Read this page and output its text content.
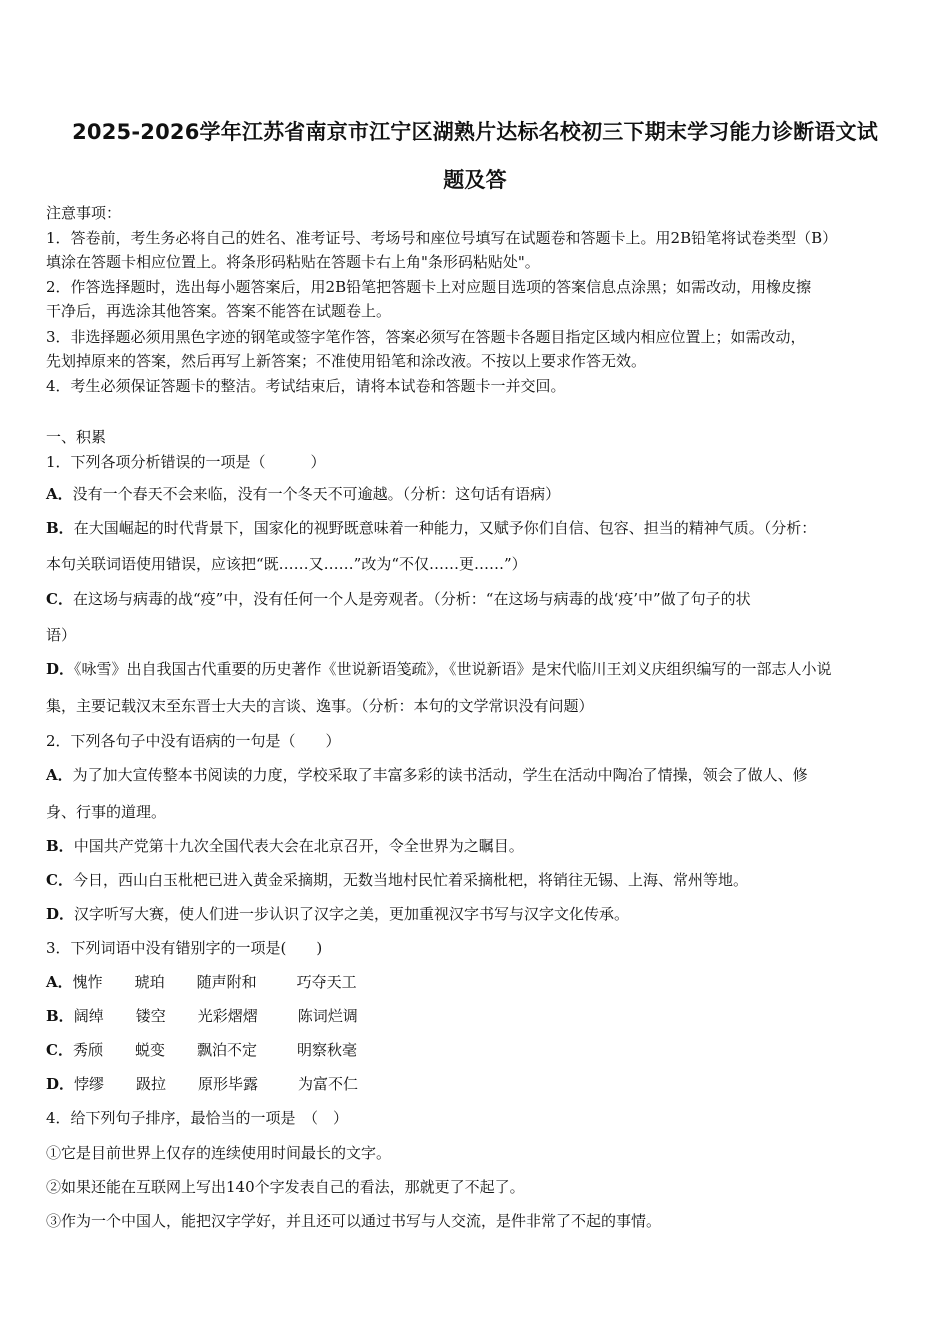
2025-2026学年江苏省南京市江宁区湖熟片达标名校初三下期末学习能力诊断语文试
题及答
注意事项：
1．答卷前，考生务必将自己的姓名、准考证号、考场号和座位号填写在试题卷和答题卡上。用2B铅笔将试卷类型（B）
填涂在答题卡相应位置上。将条形码粘贴在答题卡右上角"条形码粘贴处"。
2．作答选择题时，选出每小题答案后，用2B铅笔把答题卡上对应题目选项的答案信息点涂黑；如需改动，用橡皮擦
干净后，再选涂其他答案。答案不能答在试题卷上。
3．非选择题必须用黑色字迹的钢笔或签字笔作答，答案必须写在答题卡各题目指定区域内相应位置上；如需改动，
先划掉原来的答案，然后再写上新答案；不准使用铅笔和涂改液。不按以上要求作答无效。
4．考生必须保证答题卡的整洁。考试结束后，请将本试卷和答题卡一并交回。
一、积累
1．下列各项分析错误的一项是（　　　）
A．没有一个春天不会来临，没有一个冬天不可逾越。（分析：这句话有语病）
B．在大国崛起的时代背景下，国家化的视野既意味着一种能力，又赋予你们自信、包容、担当的精神气质。（分析：
本句关联词语使用错误，应该把“既……又……”改为“不仅……更……”）
C．在这场与病毒的战“疫”中，没有任何一个人是旁观者。（分析：“在这场与病毒的战‘疫’中”做了句子的状
语）
D．《咏雪》出自我国古代重要的历史著作《世说新语笺疏》，《世说新语》是宋代临川王刘义庆组织编写的一部志人小说
集，主要记载汉末至东晋士大夫的言谈、逸事。（分析：本句的文学常识没有问题）
2．下列各句子中没有语病的一句是（　　）
A．为了加大宣传整本书阅读的力度，学校采取了丰富多彩的读书活动，学生在活动中陶冶了情操，领会了做人、修
身、行事的道理。
B．中国共产党第十九次全国代表大会在北京召开，令全世界为之瞩目。
C．今日，西山白玉枇杷已进入黄金采摘期，无数当地村民忙着采摘枇杷，将销往无锡、上海、常州等地。
D．汉字听写大赛，使人们进一步认识了汉字之美，更加重视汉字书写与汉字文化传承。
3．下列词语中没有错别字的一项是(　　)
A．愧怍 琥珀 随声附和	巧夺天工
B．阔绰 镂空 光彩熠熠	陈词烂调
C．秀颀 蜕变 飘泊不定	明察秋毫
D．悖缪 趿拉 原形毕露	为富不仁
4．给下列句子排序，最恰当的一项是　（　）
①它是目前世界上仅存的连续使用时间最长的文字。
②如果还能在互联网上写出140个字发表自己的看法，那就更了不起了。
③作为一个中国人，能把汉字学好，并且还可以通过书写与人交流，是件非常了不起的事情。
